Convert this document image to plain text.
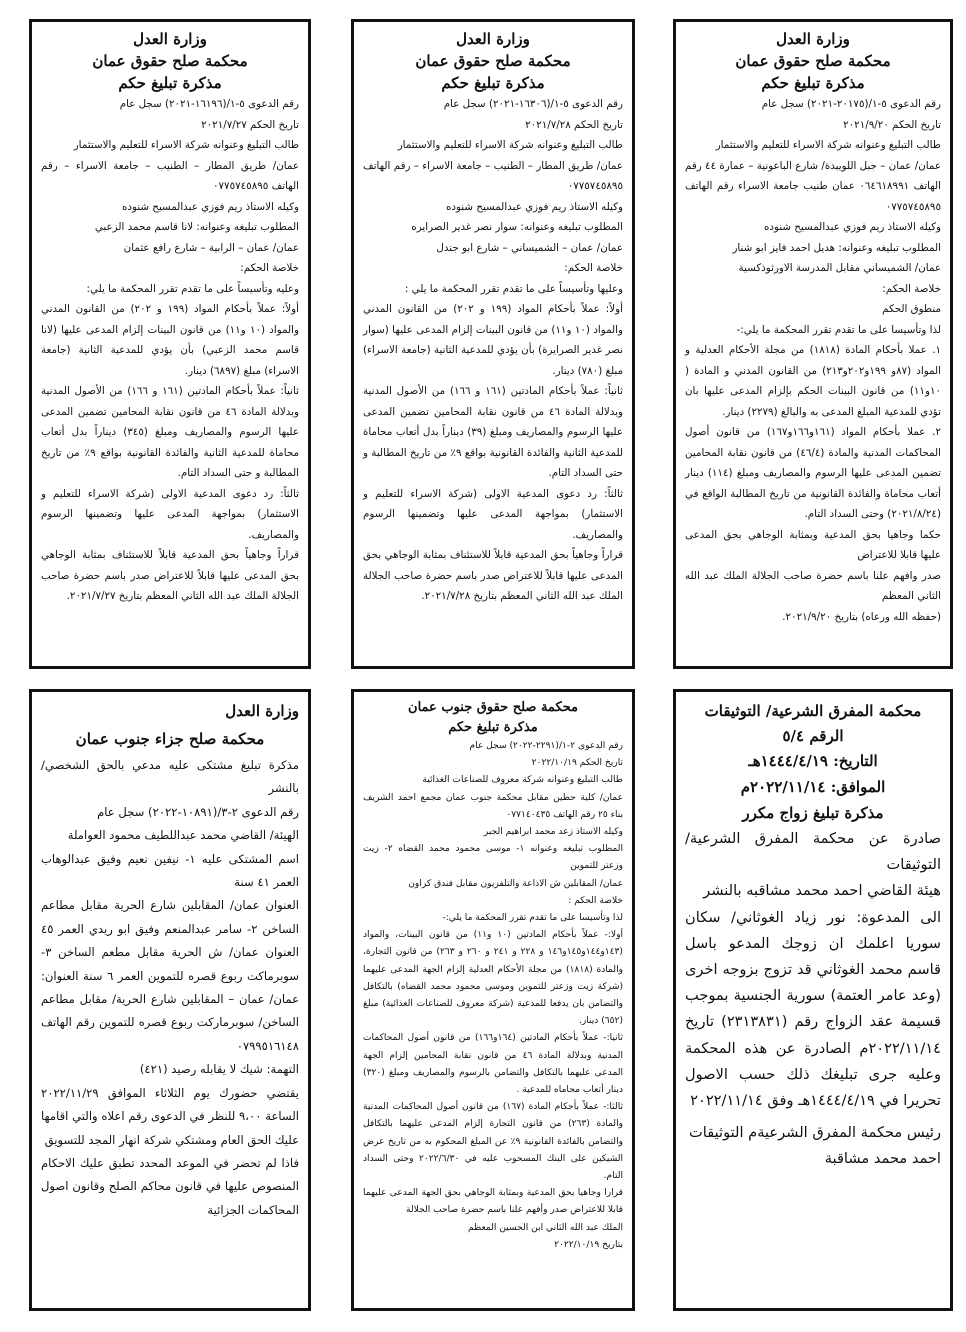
وزارة العدل
محكمة صلح حقوق عمان
مذكرة تبليغ حكم

رقم الدعوى ٥-١/(٢٠١٧٥-٢٠٢١) سجل عام

تاريخ الحكم ٢٠٢١/٩/٢٠

طالب التبليغ وعنوانه شركة الاسراء للتعليم والاستثمار

عمان/ عمان – جبل اللويبدة/ شارع الباعونية – عمارة ٤٤ رقم الهاتف ٠٦٤٦١٨٩٩١ عمان طنيب جامعة الاسراء رقم الهاتف ٠٧٧٥٧٤٥٨٩٥

وكيله الاستاذ ريم فوزي عبدالمسيح شنوده

المطلوب تبليغه وعنوانه: هديل احمد فايز ابو شنار

عمان/ الشميساني مقابل المدرسة الاورثوذكسية

خلاصة الحكم:

منطوق الحكم

لذا وتأسيسا على ما تقدم تقرر المحكمة ما يلي:-

١. عملا بأحكام المادة (١٨١٨) من مجلة الأحكام العدلية و المواد (٨٧و ١٩٩و٢٠٢و٢١٣) من القانون المدني و المادة ( ١٠و١١) من قانون البينات الحكم بإلزام المدعى عليها بان تؤدي للمدعية المبلغ المدعى به والبالغ (٢٢٧٩) دينار.

٢. عملا بأحكام المواد (١٦١و١٦٦و١٦٧) من قانون أصول المحاكمات المدنية والمادة (٤٦/٤) من قانون نقابة المحامين تضمين المدعى عليها الرسوم والمصاريف ومبلغ (١١٤) دينار أتعاب محاماة والفائدة القانونية من تاريخ المطالبة الواقع في (٢٠٢١/٨/٢٤) وحتى السداد التام.

حكما وجاهيا بحق المدعية وبمثابة الوجاهي بحق المدعى عليها قابلا للاعتراض

صدر وافهم علنا باسم حضرة صاحب الجلالة الملك عبد الله الثاني المعظم

(حفظه الله ورعاه) بتاريخ ٢٠٢١/٩/٢٠.

وزارة العدل
محكمة صلح حقوق عمان
مذكرة تبليغ حكم

رقم الدعوى ٥-١/(١٦٣٠٦-٢٠٢١) سجل عام

تاريخ الحكم ٢٠٢١/٧/٢٨

طالب التبليغ وعنوانه شركة الاسراء للتعليم والاستثمار

عمان/ طريق المطار – الطنيب – جامعة الاسراء – رقم الهاتف ٠٧٧٥٧٤٥٨٩٥

وكيله الاستاذ ريم فوزي عبدالمسيح شنوده

المطلوب تبليغه وعنوانه: سوار نصر غدير الصرايره

عمان/ عمان – الشميساني – شارع ابو جندل

خلاصة الحكم:

وعليها وتأسيساً على ما تقدم تقرر المحكمة ما يلي :

أولاً: عملاً بأحكام المواد (١٩٩ و ٢٠٢) من القانون المدني والمواد (١٠ و١١) من قانون البينات إلزام المدعى عليها (سوار نصر غدير الصرايرة) بأن يؤدي للمدعية الثانية (جامعة الاسراء) مبلغ (٧٨٠) دينار.

ثانياً: عملاً بأحكام المادتين (١٦١ و ١٦٦) من الأصول المدنية وبدلالة المادة ٤٦ من قانون نقابة المحامين تضمين المدعى عليها الرسوم والمصاريف ومبلغ (٣٩) ديناراً بدل أتعاب محاماة للمدعية الثانية والفائدة القانونية بواقع ٩٪ من تاريخ المطالبة و حتى السداد التام.

ثالثاً: رد دعوى المدعية الاولى (شركة الاسراء للتعليم و الاستثمار) بمواجهة المدعى عليها وتضمينها الرسوم والمصاريف.

قراراً وجاهياً بحق المدعية قابلاً للاستئناف بمثابة الوجاهي بحق المدعى عليها قابلاً للاعتراض صدر باسم حضرة صاحب الجلالة الملك عبد الله الثاني المعظم بتاريخ ٢٠٢١/٧/٢٨.

وزارة العدل
محكمة صلح حقوق عمان
مذكرة تبليغ حكم

رقم الدعوى ٥-١/(١٦١٩٦-٢٠٢١) سجل عام

تاريخ الحكم ٢٠٢١/٧/٢٧

طالب التبليغ وعنوانه شركة الاسراء للتعليم والاستثمار

عمان/ طريق المطار – الطنيب – جامعة الاسراء – رقم الهاتف ٠٧٧٥٧٤٥٨٩٥

وكيله الاستاذ ريم فوزي عبدالمسيح شنوده

المطلوب تبليغه وعنوانه: لانا قاسم محمد الزعبي

عمان/ عمان – الرابية – شارع رافع عثمان

خلاصة الحكم:

وعليه وتأسيساً على ما تقدم تقرر المحكمة ما يلي:

أولاً: عملاً بأحكام المواد (١٩٩ و ٢٠٢) من القانون المدني والمواد (١٠ و١١) من قانون البينات إلزام المدعى عليها (لانا قاسم محمد الزعبي) بأن يؤدي للمدعية الثانية (جامعة الاسراء) مبلغ (٦٨٩٧) دينار.

ثانياً: عملاً بأحكام المادتين (١٦١ و ١٦٦) من الأصول المدنية وبدلالة المادة ٤٦ من قانون نقابة المحامين تضمين المدعى عليها الرسوم والمصاريف ومبلغ (٣٤٥) ديناراً بدل أتعاب محاماة للمدعية الثانية والفائدة القانونية بواقع ٩٪ من تاريخ المطالبة و حتى السداد التام.

ثالثاً: رد دعوى المدعية الاولى (شركة الاسراء للتعليم و الاستثمار) بمواجهة المدعى عليها وتضمينها الرسوم والمصاريف.

قراراً وجاهياً بحق المدعية قابلاً للاستئناف بمثابة الوجاهي بحق المدعى عليها قابلاً للاعتراض صدر باسم حضرة صاحب الجلالة الملك عبد الله الثاني المعظم بتاريخ ٢٠٢١/٧/٢٧.

محكمة المفرق الشرعية/ التوثيقات
الرقم ٥/٤
التاريخ: ١٤٤٤/٤/١٩هـ
الموافق: ٢٠٢٢/١١/١٤م
مذكرة تبليغ زواج مكرر

صادرة عن محكمة المفرق الشرعية/ التوثيقات

هيئة القاضي احمد محمد مشاقبه بالنشر

الى المدعوة: نور زياد الغوثاني/ سكان سوريا اعلمك ان زوجك المدعو باسل قاسم محمد الغوثاني قد تزوج بزوجه اخرى (وعد عامر العتمة) سورية الجنسية بموجب قسيمة عقد الزواج رقم (٢٣١٣٨٣١) تاريخ ٢٠٢٢/١١/١٤م الصادرة عن هذه المحكمة وعليه جرى تبليغك ذلك حسب الاصول تحريرا في ١٤٤٤/٤/١٩هـ وفق ٢٠٢٢/١١/١٤

رئيس محكمة المفرق الشرعيةم التوثيقات

احمد محمد مشاقبة

محكمة صلح حقوق جنوب عمان
مذكرة تبليغ حكم

رقم الدعوى ٢-١/(٢٢٩١-٢٠٢٢) سجل عام

تاريخ الحكم ٢٠٢٢/١٠/١٩

طالب التبليغ وعنوانه شركة معروف للصناعات الغذائية

عمان/ كلية حطين مقابل محكمة جنوب عمان مجمع احمد الشريف بناء ٢٥ رقم الهاتف ٠٧٧١٤٠٤٣٥

وكيله الاستاذ زعد محمد ابراهيم الجبر

المطلوب تبليغه وعنوانه ١- موسى محمود محمد القضاه ٢- زيت وزعتر للتموين

عمان/ المقابلين ش الاذاعة والتلفزيون مقابل فندق كراون

خلاصة الحكم :

لذا وتأسيسا على ما تقدم تقرر المحكمة ما يلي:-

أولا:- عملاً بأحكام المادتين (١٠ و١١) من قانون البينات، والمواد (١٤٣و١٤٤و١٤٥و١٤٦ و ٢٢٨ و ٢٤١ و ٢٦٠ و ٢٦٣) من قانون التجارة، والمادة (١٨١٨) من مجلة الأحكام العدلية إلزام الجهة المدعى عليهما (شركة زيت وزعتر للتموين وموسى محمود محمد القضاه) بالتكافل والتضامن بان يدفعا للمدعية (شركة معروف للصناعات الغذائية) مبلغ (٦٥٢) دينار.

ثانيا:- عملاً بأحكام المادتين (١٦٤و١٦٦) من قانون أصول المحاكمات المدنية وبدلالة المادة ٤٦ من قانون نقابة المحامين إلزام الجهة المدعى عليهما بالتكافل والتضامن بالرسوم والمصاريف ومبلغ (٣٢٠) دينار أتعاب محاماه للمدعية .

ثالثا:- عملاً بأحكام المادة (١٦٧) من قانون أصول المحاكمات المدنية والمادة (٢٦٣) من قانون التجارة إلزام المدعى عليهما بالتكافل والتضامن بالفائدة القانونية ٩٪ عن المبلغ المحكوم به من تاريخ عرض الشيكين على البنك المسحوب عليه في ٢٠٢٢/٦/٣٠ وحتى السداد التام.

قرارا وجاهيا بحق المدعية وبمثابة الوجاهي بحق الجهة المدعى عليهما قابلا للاعتراض صدر وأفهم علنا باسم حضرة صاحب الجلالة

الملك عبد الله الثاني ابن الحسين المعظم

بتاريخ ٢٠٢٢/١٠/١٩

وزارة العدل
محكمة صلح جزاء جنوب عمان

مذكرة تبليغ مشتكى عليه مدعي بالحق الشخصي/ بالنشر

رقم الدعوى ٢-٣/(١٠٨٩١-٢٠٢٢) سجل عام

الهيئة/ القاضي محمد عبداللطيف محمود العواملة

اسم المشتكى عليه ١- نيفين نعيم وفيق عبدالوهاب العمر ٤١ سنة

العنوان عمان/ المقابلين شارع الحرية مقابل مطاعم الساخن ٢- سامر عبدالمنعم وفيق ابو ريدي العمر ٤٥ العنوان عمان/ ش الحرية مقابل مطعم الساخن ٣- سوبرماكت ربوع قصره للتموين العمر ٦ سنة العنوان: عمان/ عمان – المقابلين شارع الحرية/ مقابل مطاعم الساخن/ سوبرماركت ربوع قصره للتموين رقم الهاتف ٠٧٩٩٥١٦١٤٨

التهمة: شيك لا يقابله رصيد (٤٢١)

يقتضي حضورك يوم الثلاثاء الموافق ٢٠٢٢/١١/٢٩ الساعة ٩،٠٠ للنظر في الدعوى رقم اعلاه والتي اقامها عليك الحق العام ومشتكي شركة انهار المجد للتسويق

فاذا لم تحضر في الموعد المحدد تطبق عليك الاحكام المنصوص عليها في قانون محاكم الصلح وقانون اصول المحاكمات الجزائية
